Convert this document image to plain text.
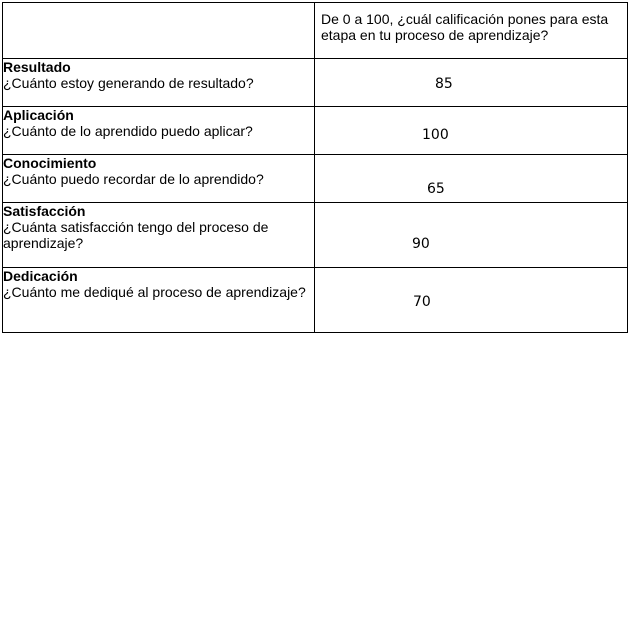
	De 0 a 100, ¿cuál calificación pones para esta etapa en tu proceso de aprendizaje?

Resultado
¿Cuánto estoy generando de resultado?	85

Aplicación
¿Cuánto de lo aprendido puedo aplicar?	100

Conocimiento
¿Cuánto puedo recordar de lo aprendido?	65

Satisfacción
¿Cuánta satisfacción tengo del proceso de aprendizaje?	90

Dedicación
¿Cuánto me dediqué al proceso de aprendizaje?	70
